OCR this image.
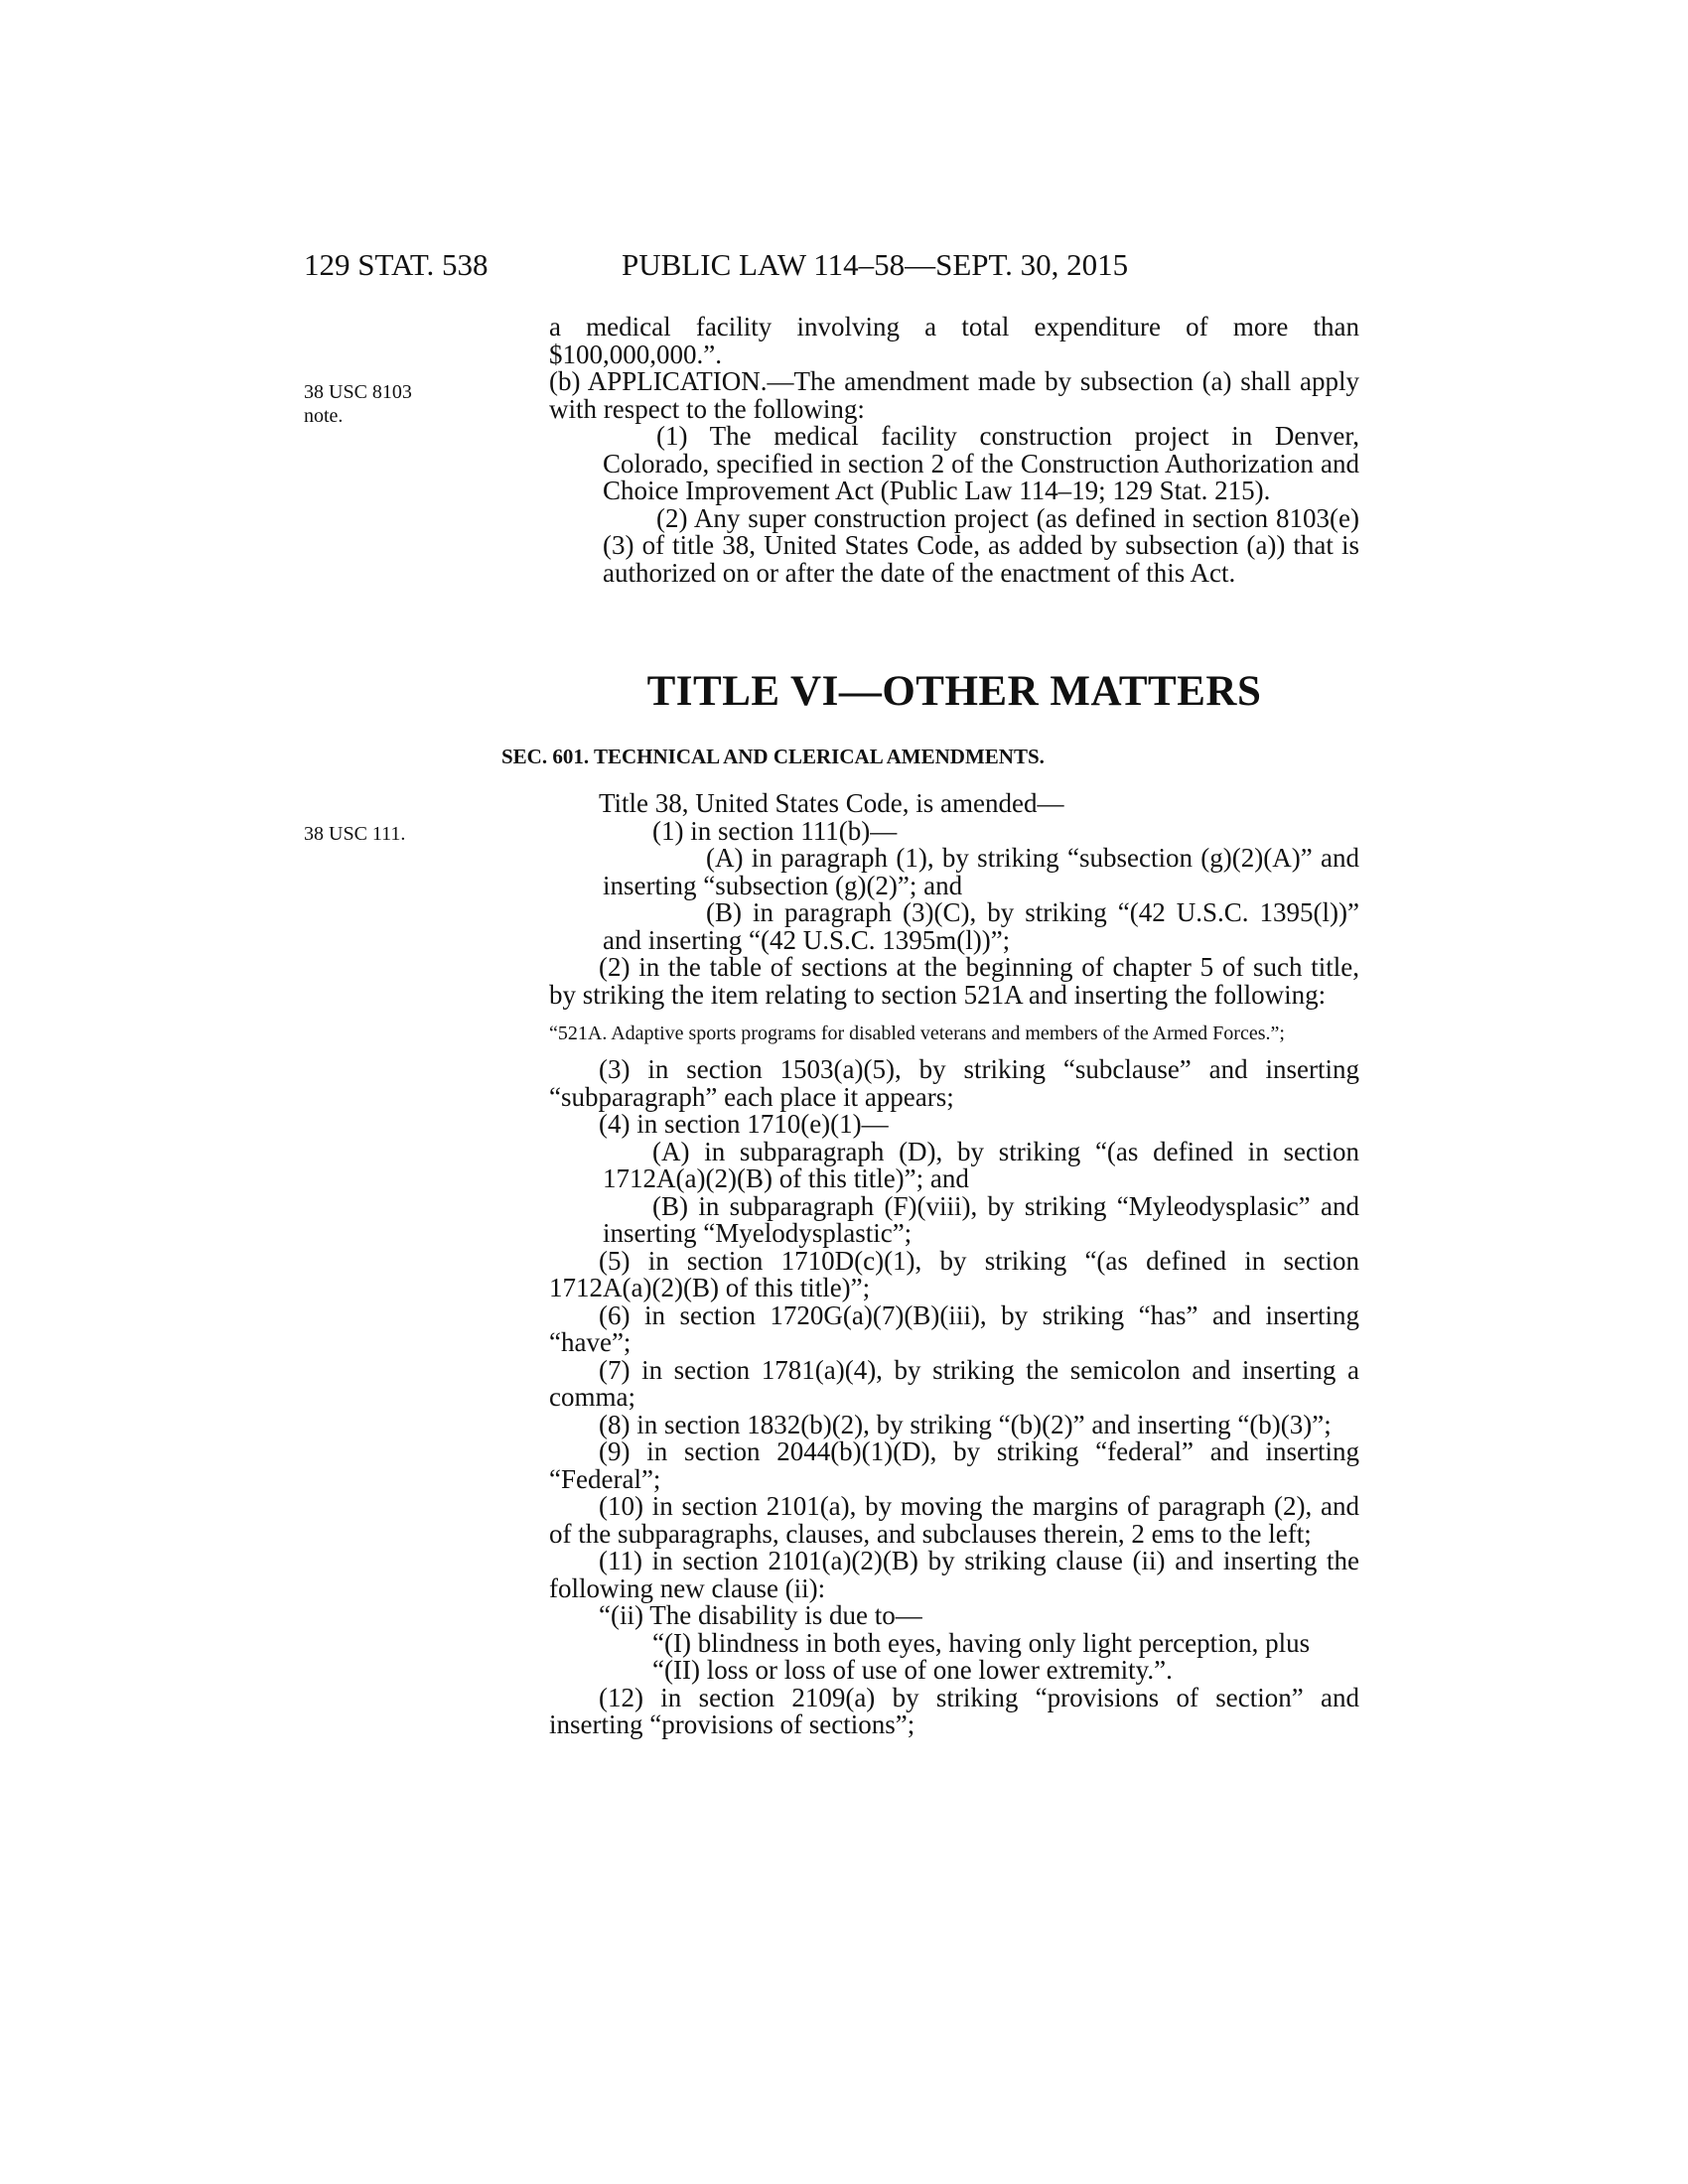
129 STAT. 538	PUBLIC LAW 114–58—SEPT. 30, 2015
38 USC 8103 note.
38 USC 111.

a medical facility involving a total expenditure of more than $100,000,000.”.

(b) APPLICATION.—The amendment made by subsection (a) shall apply with respect to the following:

(1) The medical facility construction project in Denver, Colorado, specified in section 2 of the Construction Authorization and Choice Improvement Act (Public Law 114–19; 129 Stat. 215).

(2) Any super construction project (as defined in section 8103(e)(3) of title 38, United States Code, as added by subsection (a)) that is authorized on or after the date of the enactment of this Act.

TITLE VI—OTHER MATTERS
SEC. 601. TECHNICAL AND CLERICAL AMENDMENTS.

Title 38, United States Code, is amended—

(1) in section 111(b)—

(A) in paragraph (1), by striking “subsection (g)(2)(A)” and inserting “subsection (g)(2)”; and

(B) in paragraph (3)(C), by striking “(42 U.S.C. 1395(l))” and inserting “(42 U.S.C. 1395m(l))”;

(2) in the table of sections at the beginning of chapter 5 of such title, by striking the item relating to section 521A and inserting the following:

“521A. Adaptive sports programs for disabled veterans and members of the Armed Forces.”;

(3) in section 1503(a)(5), by striking “subclause” and inserting “subparagraph” each place it appears;

(4) in section 1710(e)(1)—

(A) in subparagraph (D), by striking “(as defined in section 1712A(a)(2)(B) of this title)”; and

(B) in subparagraph (F)(viii), by striking “Myleodysplasic” and inserting “Myelodysplastic”;

(5) in section 1710D(c)(1), by striking “(as defined in section 1712A(a)(2)(B) of this title)”;

(6) in section 1720G(a)(7)(B)(iii), by striking “has” and inserting “have”;

(7) in section 1781(a)(4), by striking the semicolon and inserting a comma;

(8) in section 1832(b)(2), by striking “(b)(2)” and inserting “(b)(3)”;

(9) in section 2044(b)(1)(D), by striking “federal” and inserting “Federal”;

(10) in section 2101(a), by moving the margins of paragraph (2), and of the subparagraphs, clauses, and subclauses therein, 2 ems to the left;

(11) in section 2101(a)(2)(B) by striking clause (ii) and inserting the following new clause (ii):

“(ii) The disability is due to—

“(I) blindness in both eyes, having only light perception, plus

“(II) loss or loss of use of one lower extremity.”.

(12) in section 2109(a) by striking “provisions of section” and inserting “provisions of sections”;
